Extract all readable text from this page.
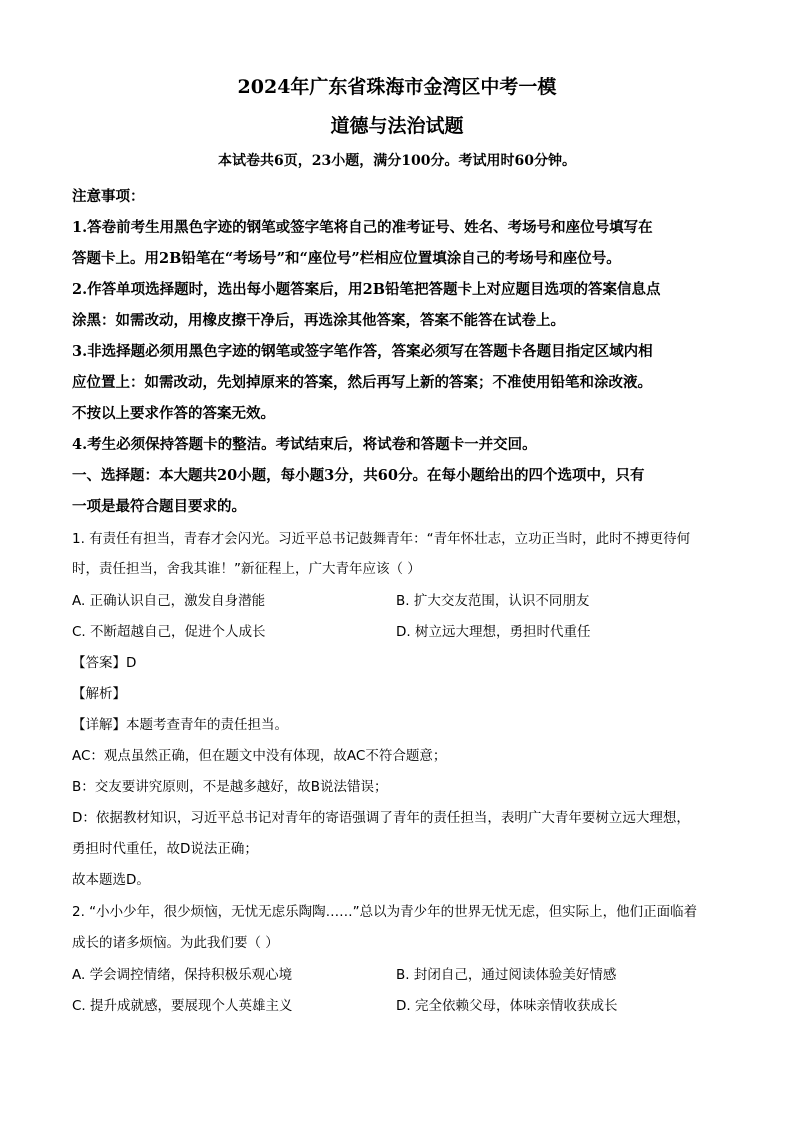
2024年广东省珠海市金湾区中考一模
道德与法治试题
本试卷共6页，23小题，满分100分。考试用时60分钟。
注意事项：
1.答卷前考生用黑色字迹的钢笔或签字笔将自己的准考证号、姓名、考场号和座位号填写在
答题卡上。用2B铅笔在“考场号”和“座位号”栏相应位置填涂自己的考场号和座位号。
2.作答单项选择题时，选出每小题答案后，用2B铅笔把答题卡上对应题目选项的答案信息点
涂黑：如需改动，用橡皮擦干净后，再选涂其他答案，答案不能答在试卷上。
3.非选择题必须用黑色字迹的钢笔或签字笔作答，答案必须写在答题卡各题目指定区域内相
应位置上：如需改动，先划掉原来的答案，然后再写上新的答案；不准使用铅笔和涂改液。
不按以上要求作答的答案无效。
4.考生必须保持答题卡的整洁。考试结束后，将试卷和答题卡一并交回。
一、选择题：本大题共20小题，每小题3分，共60分。在每小题给出的四个选项中，只有
一项是最符合题目要求的。
1. 有责任有担当，青春才会闪光。习近平总书记鼓舞青年：“青年怀壮志，立功正当时，此时不搏更待何
时，责任担当，舍我其谁！”新征程上，广大青年应该（ ）
A. 正确认识自己，激发自身潜能	B. 扩大交友范围，认识不同朋友
C. 不断超越自己，促进个人成长	D. 树立远大理想，勇担时代重任
【答案】D
【解析】
【详解】本题考查青年的责任担当。
AC：观点虽然正确，但在题文中没有体现，故AC不符合题意；
B：交友要讲究原则，不是越多越好，故B说法错误；
D：依据教材知识，习近平总书记对青年的寄语强调了青年的责任担当，表明广大青年要树立远大理想，
勇担时代重任，故D说法正确；
故本题选D。
2. “小小少年，很少烦恼，无忧无虑乐陶陶……”总以为青少年的世界无忧无虑，但实际上，他们正面临着
成长的诸多烦恼。为此我们要（ ）
A. 学会调控情绪，保持积极乐观心境	B. 封闭自己，通过阅读体验美好情感
C. 提升成就感，要展现个人英雄主义	D. 完全依赖父母，体味亲情收获成长
